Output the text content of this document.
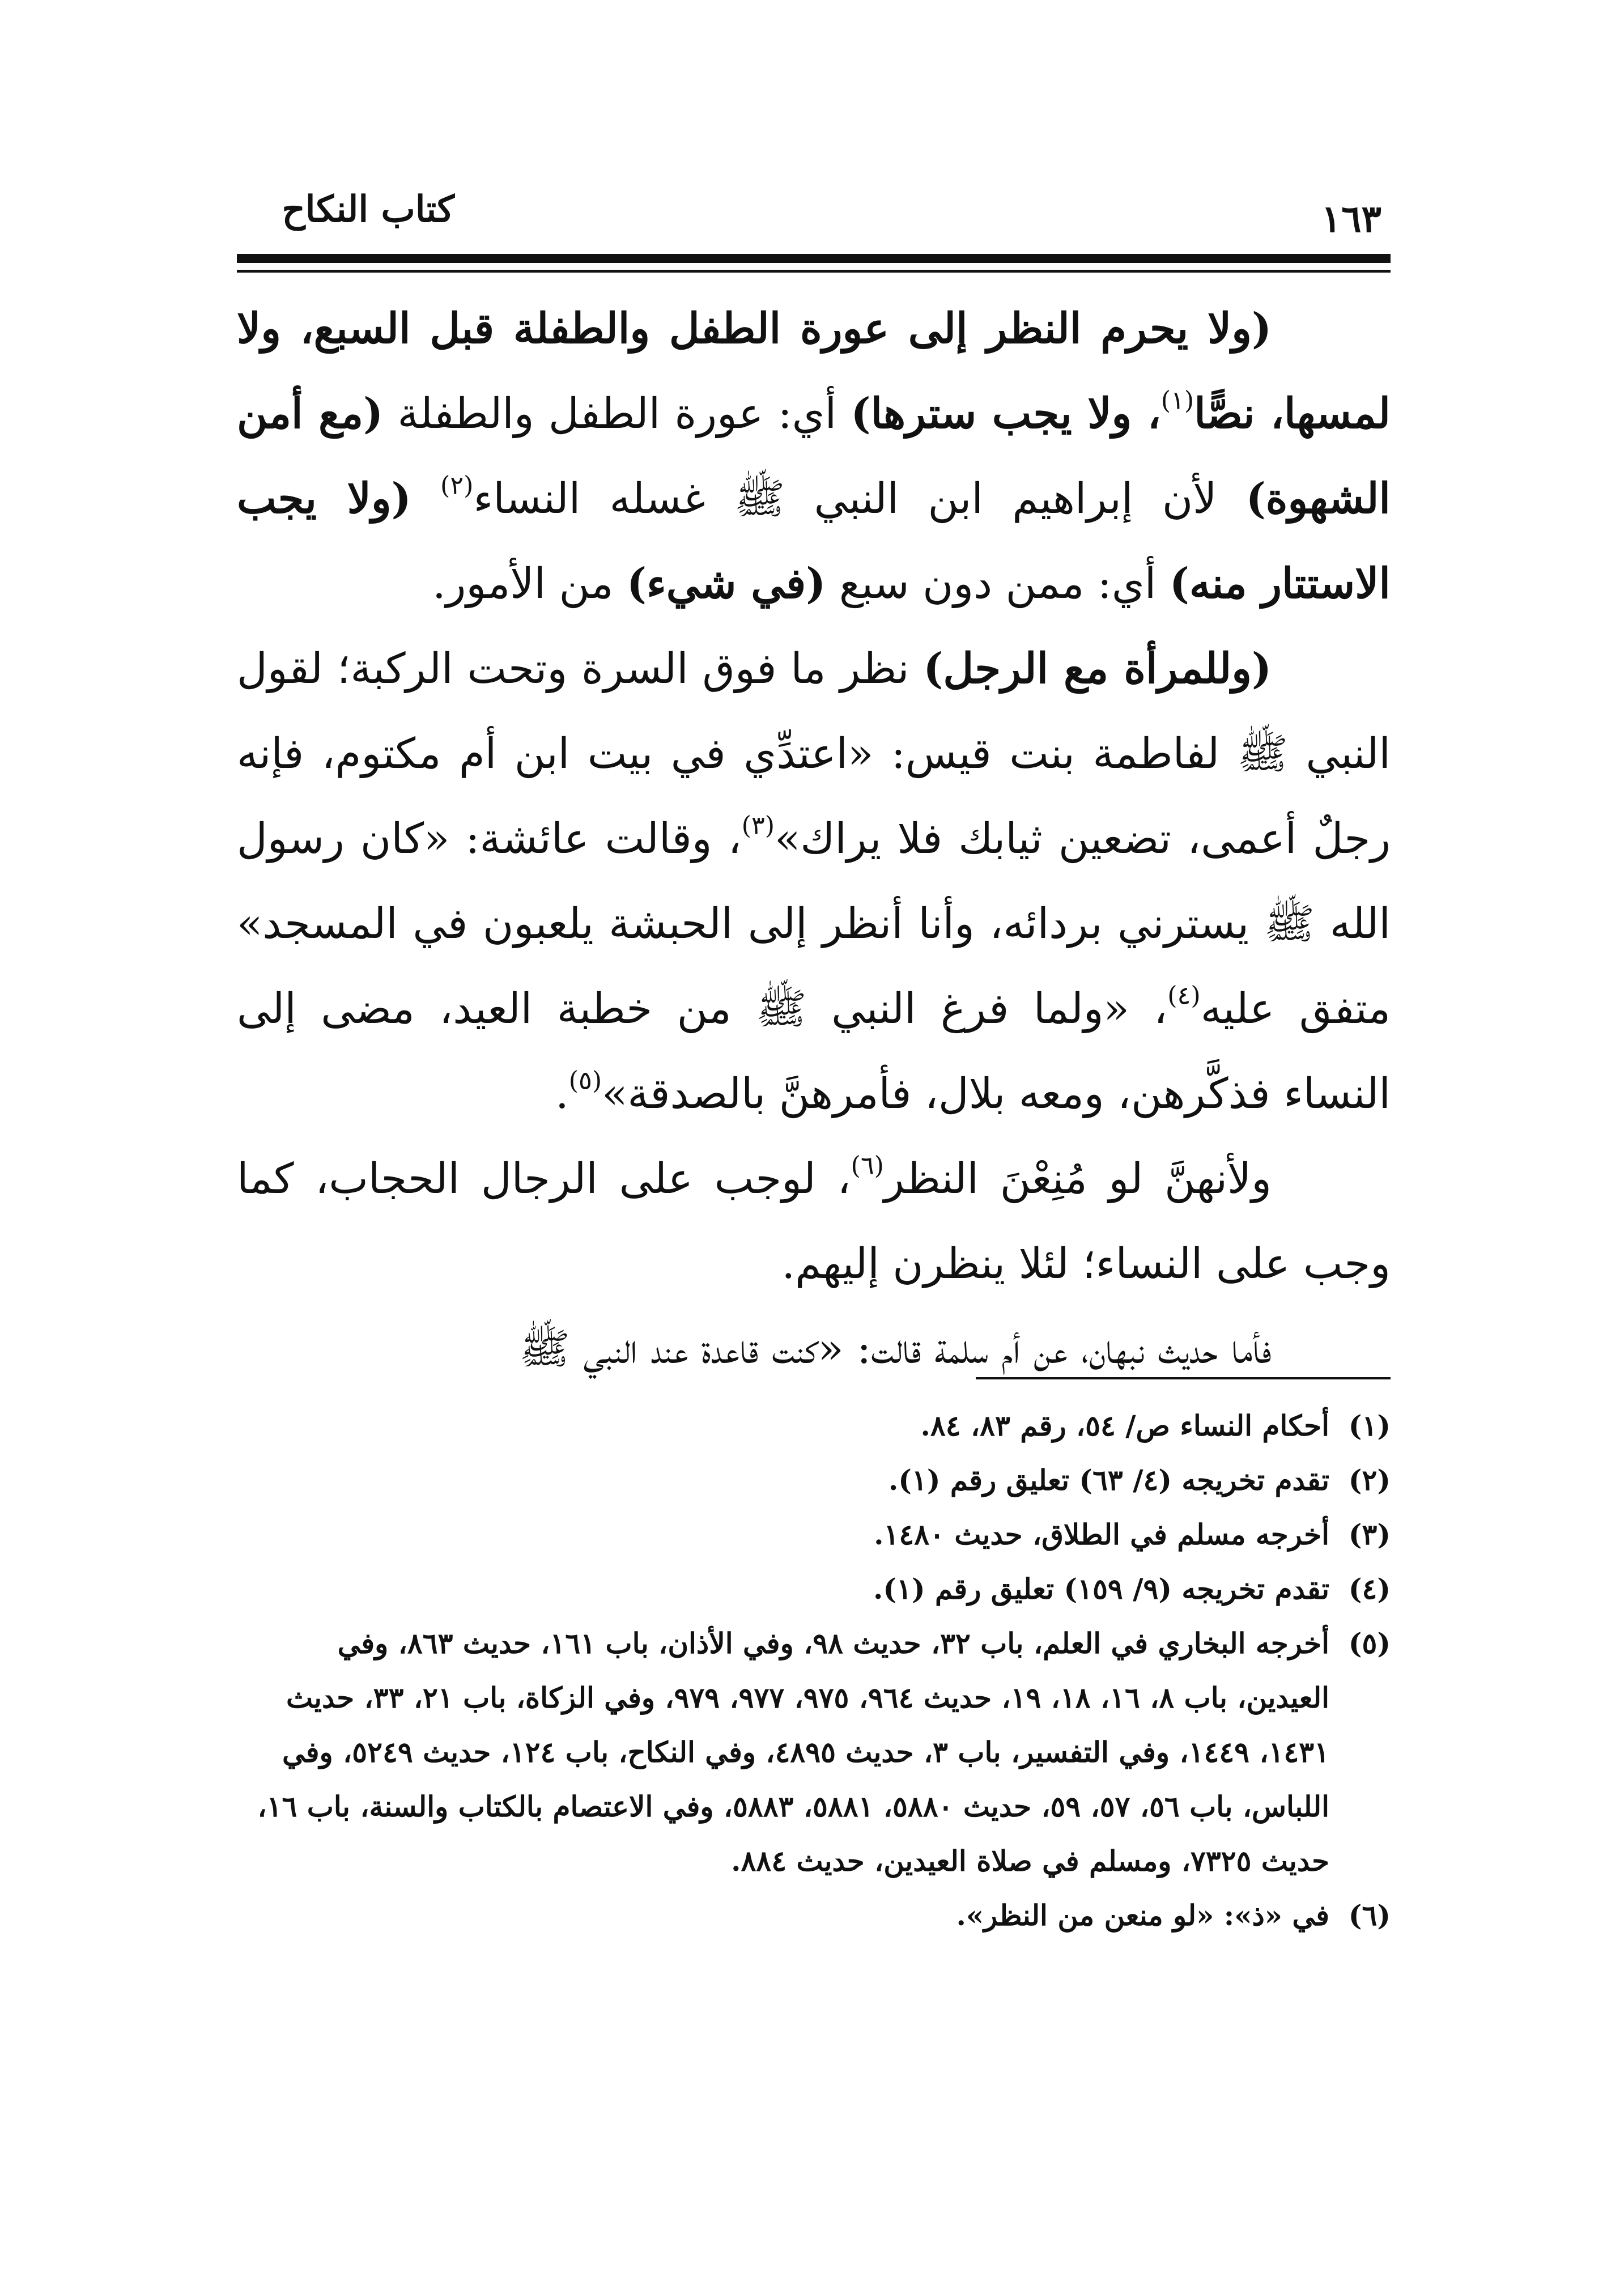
كتاب النكاح	١٦٣

(ولا يحرم النظر إلى عورة الطفل والطفلة قبل السبع، ولا لمسها، نصًّا$^{(١)}$، ولا يجب سترها) أي: عورة الطفل والطفلة (مع أمن الشهوة) لأن إبراهيم ابن النبي ﷺ غسله النساء$^{(٢)}$ (ولا يجب الاستتار منه) أي: ممن دون سبع (في شيء) من الأمور.

(وللمرأة مع الرجل) نظر ما فوق السرة وتحت الركبة؛ لقول النبي ﷺ لفاطمة بنت قيس: «اعتدِّي في بيت ابن أم مكتوم، فإنه رجلٌ أعمى، تضعين ثيابك فلا يراك»$^{(٣)}$، وقالت عائشة: «كان رسول الله ﷺ يسترني بردائه، وأنا أنظر إلى الحبشة يلعبون في المسجد» متفق عليه$^{(٤)}$، «ولما فرغ النبي ﷺ من خطبة العيد، مضى إلى النساء فذكَّرهن، ومعه بلال، فأمرهنَّ بالصدقة»$^{(٥)}$.

ولأنهنَّ لو مُنِعْنَ النظر$^{(٦)}$، لوجب على الرجال الحجاب، كما وجب على النساء؛ لئلا ينظرن إليهم.

فأما حديث نبهان، عن أم سلمة قالت: «كنت قاعدة عند النبي ﷺ

(١)
أحكام النساء ص/ ٥٤، رقم ٨٣، ٨٤.
(٢)
تقدم تخريجه (٤/ ٦٣) تعليق رقم (١).
(٣)
أخرجه مسلم في الطلاق، حديث ١٤٨٠.
(٤)
تقدم تخريجه (٩/ ١٥٩) تعليق رقم (١).
(٥)
أخرجه البخاري في العلم، باب ٣٢، حديث ٩٨، وفي الأذان، باب ١٦١، حديث ٨٦٣، وفي العيدين، باب ٨، ١٦، ١٨، ١٩، حديث ٩٦٤، ٩٧٥، ٩٧٧، ٩٧٩، وفي الزكاة، باب ٢١، ٣٣، حديث ١٤٣١، ١٤٤٩، وفي التفسير، باب ٣، حديث ٤٨٩٥، وفي النكاح، باب ١٢٤، حديث ٥٢٤٩، وفي اللباس، باب ٥٦، ٥٧، ٥٩، حديث ٥٨٨٠، ٥٨٨١، ٥٨٨٣، وفي الاعتصام بالكتاب والسنة، باب ١٦، حديث ٧٣٢٥، ومسلم في صلاة العيدين، حديث ٨٨٤.
(٦)
في «ذ»: «لو منعن من النظر».
